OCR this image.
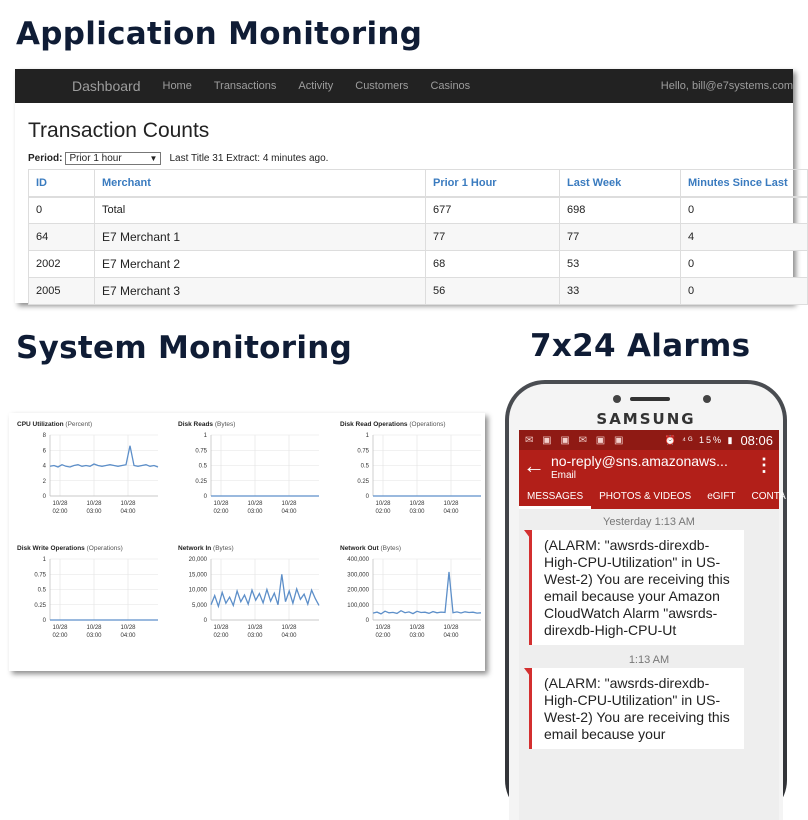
Application Monitoring
System Monitoring	7x24 Alarms
Dashboard Home Transactions Activity Customers Casinos	Hello, bill@e7systems.com
Transaction Counts
Period: Prior 1 hour	▼ Last Title 31 Extract: 4 minutes ago.
ID	Merchant	Prior 1 Hour	Last Week	Minutes Since Last
0	Total	677	698	0
64	E7 Merchant 1	77	77	4
2002	E7 Merchant 2	68	53	0
2005	E7 Merchant 3	56	33	0
CPU Utilization (Percent)
8
6
4
2
0
10/28
02:00
10/28
03:00
10/28
04:00
Disk Reads (Bytes)
1
0.75
0.5
0.25
0
10/28
02:00
10/28
03:00
10/28
04:00
Disk Read Operations (Operations)
1
0.75
0.5
0.25
0
10/28
02:00
10/28
03:00
10/28
04:00
Disk Write Operations (Operations)
1
0.75
0.5
0.25
0
10/28
02:00
10/28
03:00
10/28
04:00
Network In (Bytes)
20,000
15,000
10,000
5,000
0
10/28
02:00
10/28
03:00
10/28
04:00
Network Out (Bytes)
400,000
300,000
200,000
100,000
0
10/28
02:00
10/28
03:00
10/28
04:00
SAMSUNG
✉ ▣ ▣ ✉ ▣ ▣	⏰ ⁴ᴳ 15% ▮ 08:06
← no-reply@sns.amazonaws...
Email
⋮
MESSAGES	PHOTOS & VIDEOS	eGIFT	CONTA
Yesterday 1:13 AM
(ALARM: "awsrds-direxdb-High-CPU-Utilization" in US-West-2) You are receiving this email because your Amazon CloudWatch Alarm "awsrds-direxdb-High-CPU-Ut
1:13 AM
(ALARM: "awsrds-direxdb-High-CPU-Utilization" in US-West-2) You are receiving this email because your
